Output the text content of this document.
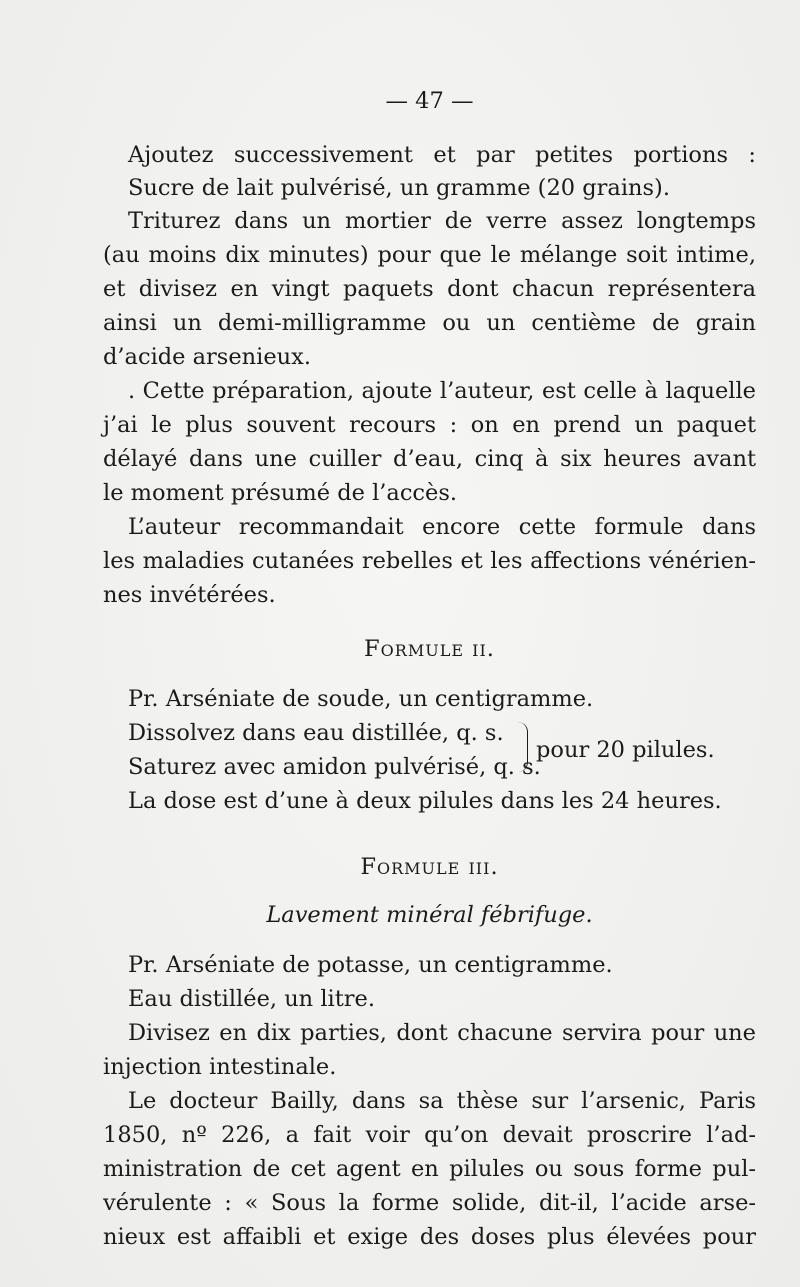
— 47 —
Ajoutez successivement et par petites portions :
Sucre de lait pulvérisé, un gramme (20 grains).
Triturez dans un mortier de verre assez longtemps
(au moins dix minutes) pour que le mélange soit intime,
et divisez en vingt paquets dont chacun représentera
ainsi un demi-milligramme ou un centième de grain
d’acide arsenieux.
. Cette préparation, ajoute l’auteur, est celle à laquelle
j’ai le plus souvent recours : on en prend un paquet
délayé dans une cuiller d’eau, cinq à six heures avant
le moment présumé de l’accès.
L’auteur recommandait encore cette formule dans
les maladies cutanées rebelles et les affections vénérien-
nes invétérées.
Formule ii.
Pr. Arséniate de soude, un centigramme.
Dissolvez dans eau distillée, q. s.
Saturez avec amidon pulvérisé, q. s.
pour 20 pilules.
La dose est d’une à deux pilules dans les 24 heures.
Formule iii.
Lavement minéral fébrifuge.
Pr. Arséniate de potasse, un centigramme.
Eau distillée, un litre.
Divisez en dix parties, dont chacune servira pour une
injection intestinale.
Le docteur Bailly, dans sa thèse sur l’arsenic, Paris
1850, nº 226, a fait voir qu’on devait proscrire l’ad-
ministration de cet agent en pilules ou sous forme pul-
vérulente : « Sous la forme solide, dit-il, l’acide arse-
nieux est affaibli et exige des doses plus élevées pour
